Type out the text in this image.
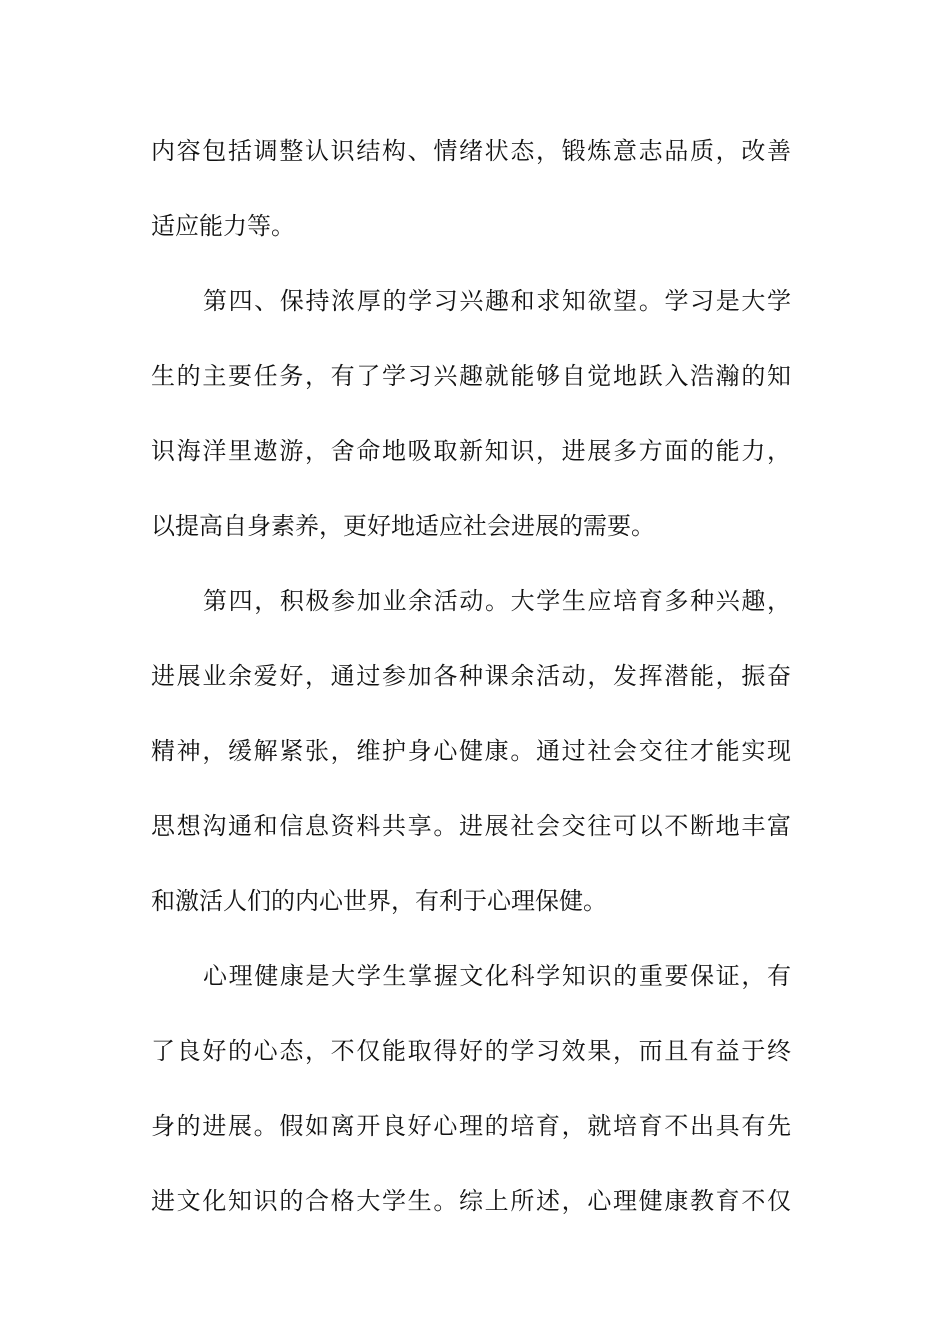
内容包括调整认识结构、情绪状态，锻炼意志品质，改善
适应能力等。
第四、保持浓厚的学习兴趣和求知欲望。学习是大学
生的主要任务，有了学习兴趣就能够自觉地跃入浩瀚的知
识海洋里遨游，舍命地吸取新知识，进展多方面的能力，
以提高自身素养，更好地适应社会进展的需要。
第四，积极参加业余活动。大学生应培育多种兴趣，
进展业余爱好，通过参加各种课余活动，发挥潜能，振奋
精神，缓解紧张，维护身心健康。通过社会交往才能实现
思想沟通和信息资料共享。进展社会交往可以不断地丰富
和激活人们的内心世界，有利于心理保健。
心理健康是大学生掌握文化科学知识的重要保证，有
了良好的心态，不仅能取得好的学习效果，而且有益于终
身的进展。假如离开良好心理的培育，就培育不出具有先
进文化知识的合格大学生。综上所述，心理健康教育不仅
